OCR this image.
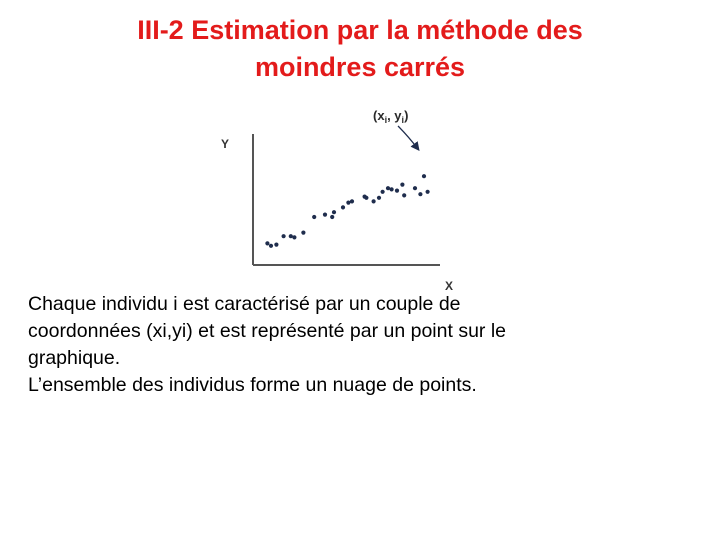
III-2 Estimation par la méthode des
moindres carrés
Y
X
($x_i$, $y_i$)

Chaque individu i est caractérisé par un couple de

coordonnées (xi,yi) et est représenté par un point sur le

graphique.

L’ensemble des individus forme un nuage de points.
